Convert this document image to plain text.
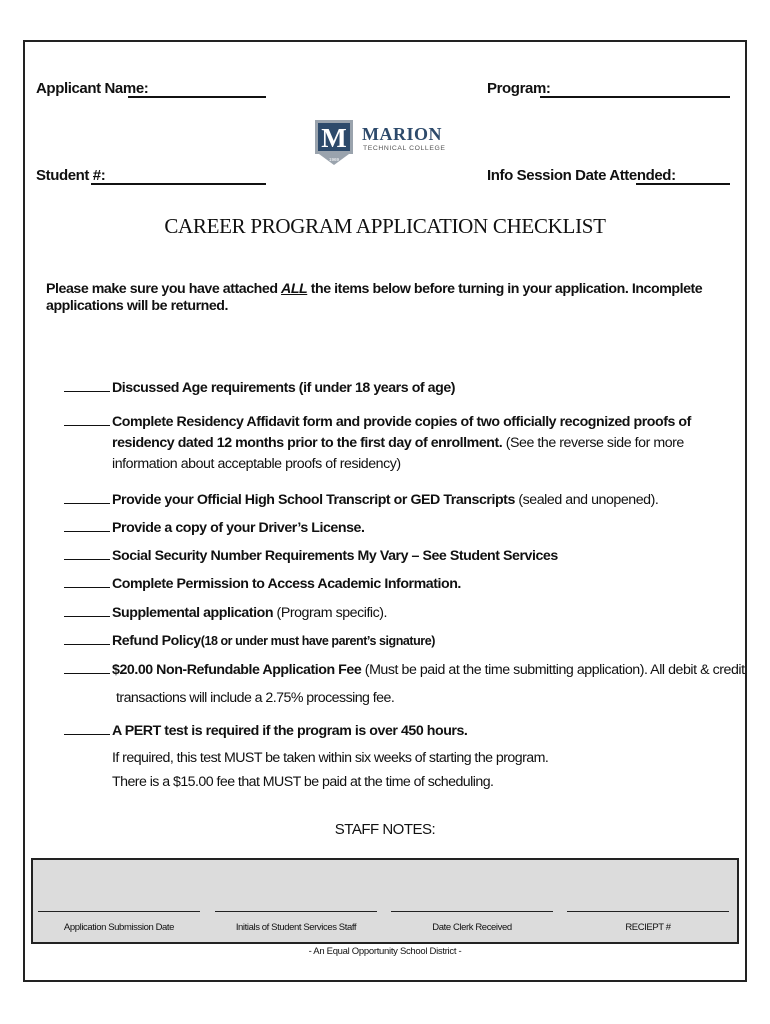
Applicant Name:	Program:
Student #:	Info Session Date Attended:
M
1969
MARION
TECHNICAL COLLEGE
CAREER PROGRAM APPLICATION CHECKLIST
Please make sure you have attached ALL the items below before turning in your application. Incomplete applications will be returned.
Discussed Age requirements (if under 18 years of age)
Complete Residency Affidavit form and provide copies of two officially recognized proofs of
residency dated 12 months prior to the first day of enrollment. (See the reverse side for more
information about acceptable proofs of residency)
Provide your Official High School Transcript or GED Transcripts (sealed and unopened).
Provide a copy of your Driver’s License.
Social Security Number Requirements My Vary – See Student Services
Complete Permission to Access Academic Information.
Supplemental application (Program specific).
Refund Policy(18 or under must have parent’s signature)
$20.00 Non-Refundable Application Fee (Must be paid at the time submitting application). All debit & credit
transactions will include a 2.75% processing fee.
A PERT test is required if the program is over 450 hours.
If required, this test MUST be taken within six weeks of starting the program.
There is a $15.00 fee that MUST be paid at the time of scheduling.
STAFF NOTES:
Application Submission Date	Initials of Student Services Staff	Date Clerk Received	RECIEPT #
- An Equal Opportunity School District -
